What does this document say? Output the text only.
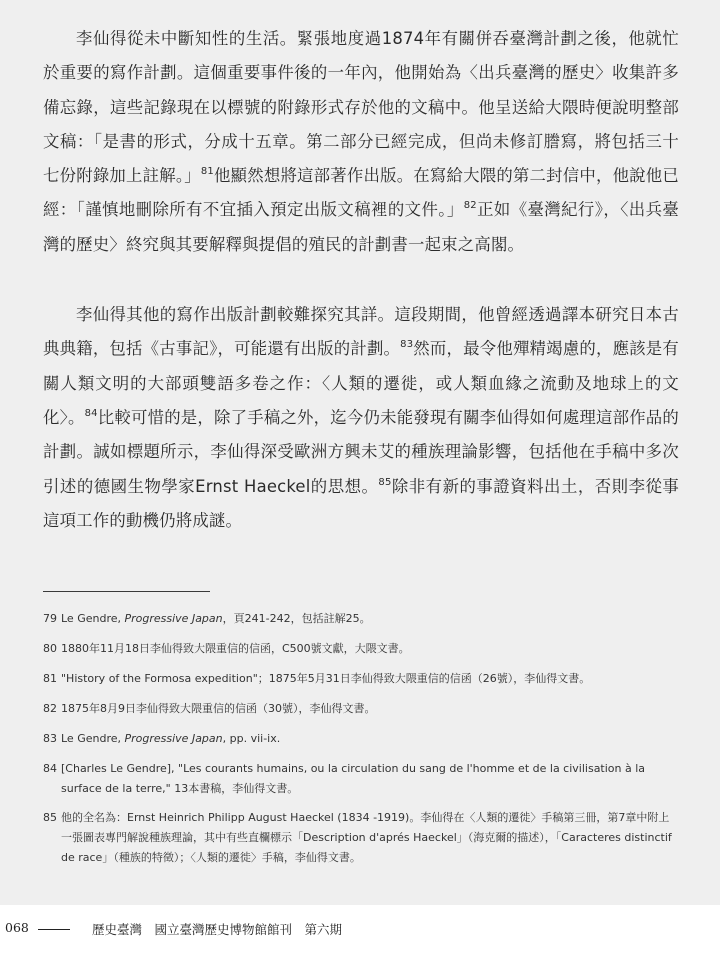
李仙得從未中斷知性的生活。緊張地度過1874年有關併吞臺灣計劃之後，他就忙於重要的寫作計劃。這個重要事件後的一年內，他開始為〈出兵臺灣的歷史〉收集許多備忘錄，這些記錄現在以標號的附錄形式存於他的文稿中。他呈送給大隈時便說明整部文稿：「是書的形式，分成十五章。第二部分已經完成，但尚未修訂謄寫，將包括三十七份附錄加上註解。」$^{81}$他顯然想將這部著作出版。在寫給大隈的第二封信中，他說他已經：「謹慎地刪除所有不宜插入預定出版文稿裡的文件。」$^{82}$正如《臺灣紀行》，〈出兵臺灣的歷史〉終究與其要解釋與提倡的殖民的計劃書一起束之高閣。

李仙得其他的寫作出版計劃較難探究其詳。這段期間，他曾經透過譯本研究日本古典典籍，包括《古事記》，可能還有出版的計劃。$^{83}$然而，最令他殫精竭慮的，應該是有關人類文明的大部頭雙語多卷之作：〈人類的遷徙，或人類血緣之流動及地球上的文化〉。$^{84}$比較可惜的是，除了手稿之外，迄今仍未能發現有關李仙得如何處理這部作品的計劃。誠如標題所示，李仙得深受歐洲方興未艾的種族理論影響，包括他在手稿中多次引述的德國生物學家Ernst Haeckel的思想。$^{85}$除非有新的事證資料出土，否則李從事這項工作的動機仍將成謎。

79 Le Gendre, Progressive Japan，頁241-242，包括註解25。
80 1880年11月18日李仙得致大隈重信的信函，C500號文獻，大隈文書。
81 "History of the Formosa expedition"；1875年5月31日李仙得致大隈重信的信函（26號），李仙得文書。
82 1875年8月9日李仙得致大隈重信的信函（30號），李仙得文書。
83 Le Gendre, Progressive Japan, pp. vii-ix.
84 [Charles Le Gendre], "Les courants humains, ou la circulation du sang de l'homme et de la civilisation à la surface de la terre," 13本書稿，李仙得文書。
85 他的全名為：Ernst Heinrich Philipp August Haeckel (1834 -1919)。李仙得在〈人類的遷徙〉手稿第三冊，第7章中附上一張圖表專門解說種族理論，其中有些直欄標示「Description d'aprés Haeckel」（海克爾的描述），「Caracteres distinctif de race」（種族的特徵）；〈人類的遷徙〉手稿，李仙得文書。
068	歷史臺灣　國立臺灣歷史博物館館刊　第六期
